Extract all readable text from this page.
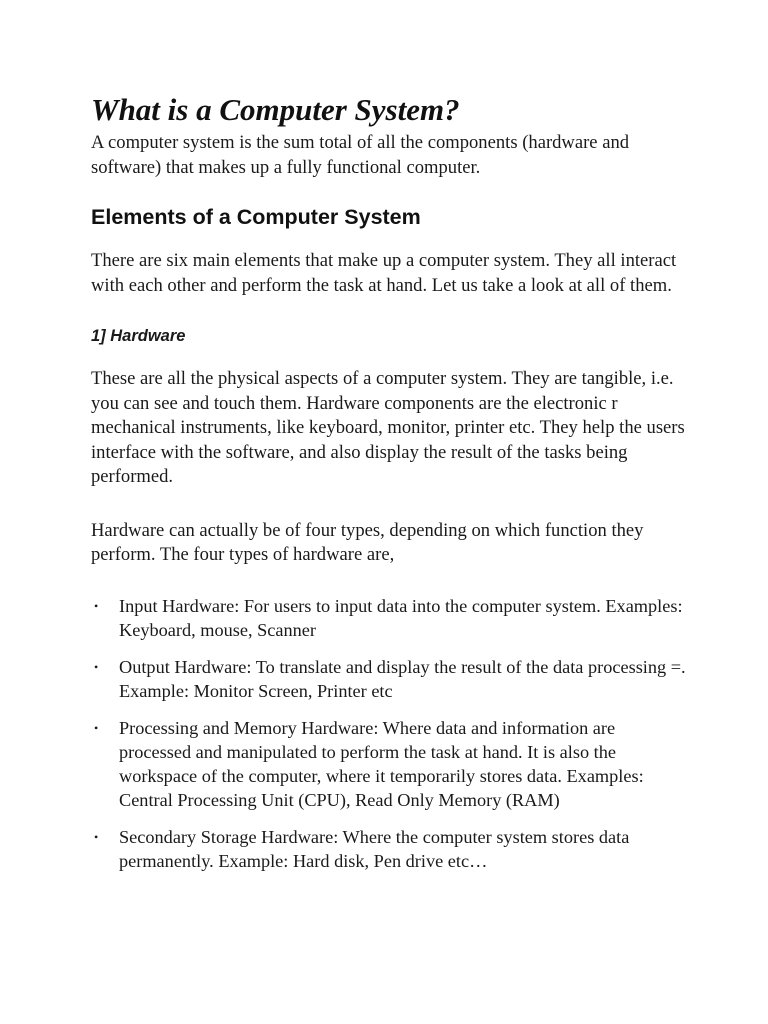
What is a Computer System?

A computer system is the sum total of all the components (hardware and software) that makes up a fully functional computer.

Elements of a Computer System

There are six main elements that make up a computer system. They all interact with each other and perform the task at hand. Let us take a look at all of them.

1] Hardware

These are all the physical aspects of a computer system. They are tangible, i.e. you can see and touch them. Hardware components are the electronic r mechanical instruments, like keyboard, monitor, printer etc. They help the users interface with the software, and also display the result of the tasks being performed.

Hardware can actually be of four types, depending on which function they perform. The four types of hardware are,

• Input Hardware: For users to input data into the computer system. Examples: Keyboard, mouse, Scanner
• Output Hardware: To translate and display the result of the data processing =. Example: Monitor Screen, Printer etc
• Processing and Memory Hardware: Where data and information are processed and manipulated to perform the task at hand. It is also the workspace of the computer, where it temporarily stores data. Examples: Central Processing Unit (CPU), Read Only Memory (RAM)
• Secondary Storage Hardware: Where the computer system stores data permanently. Example: Hard disk, Pen drive etc…
